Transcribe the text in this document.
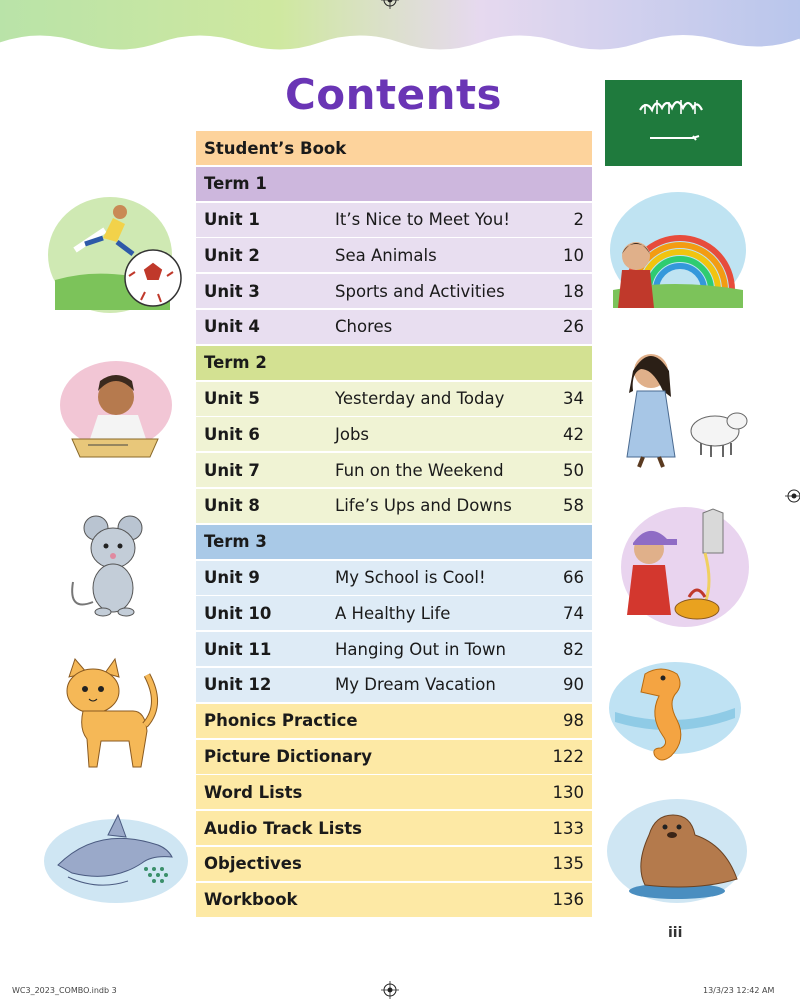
Contents
Student’s Book
Term 1
Unit 1	It’s Nice to Meet You!	2
Unit 2	Sea Animals	10
Unit 3	Sports and Activities	18
Unit 4	Chores	26
Term 2
Unit 5	Yesterday and Today	34
Unit 6	Jobs	42
Unit 7	Fun on the Weekend	50
Unit 8	Life’s Ups and Downs	58
Term 3
Unit 9	My School is Cool!	66
Unit 10	A Healthy Life	74
Unit 11	Hanging Out in Town	82
Unit 12	My Dream Vacation	90
Phonics Practice	98
Picture Dictionary	122
Word Lists	130
Audio Track Lists	133
Objectives	135
Workbook	136
iii
WC3_2023_COMBO.indb 3	13/3/23 12:42 AM
